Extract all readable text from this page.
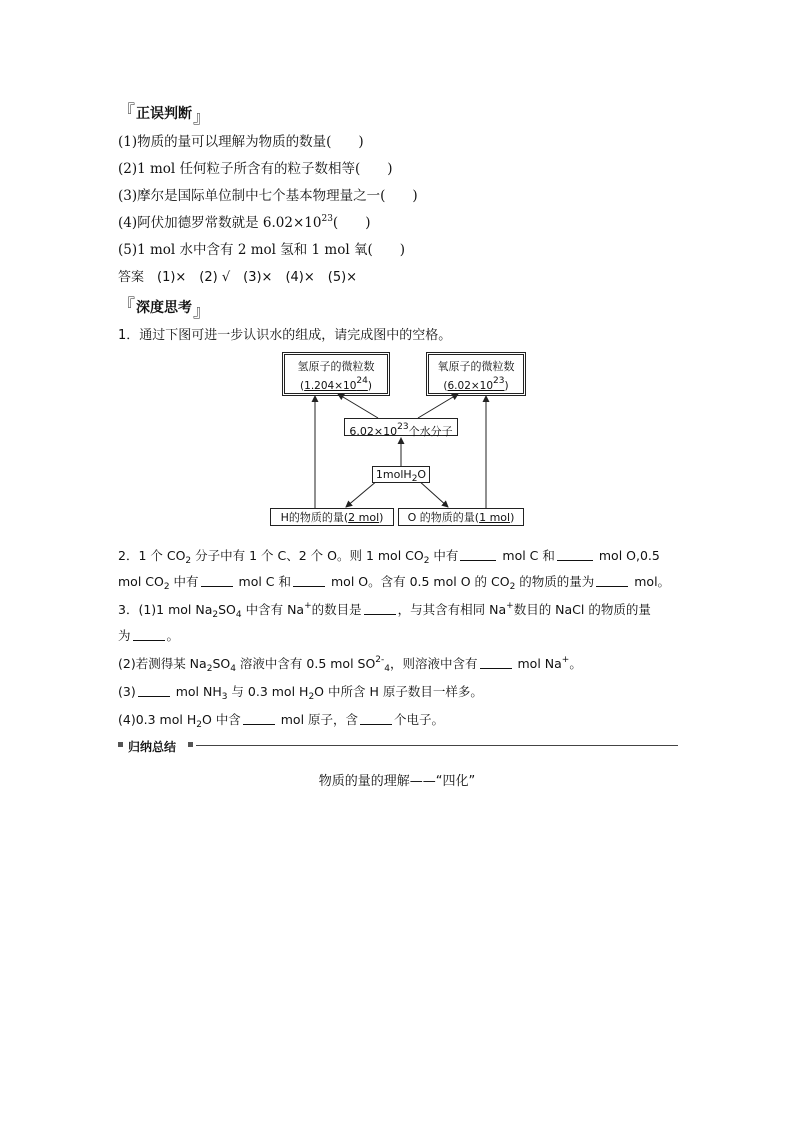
『 正误判断 』
(1)物质的量可以理解为物质的数量(　　)
(2)1 mol 任何粒子所含有的粒子数相等(　　)
(3)摩尔是国际单位制中七个基本物理量之一(　　)
(4)阿伏加德罗常数就是 $6.02\times 10^{23}$(　　)
(5)1 mol 水中含有 2 mol 氢和 1 mol 氧(　　)
答案　(1)×　(2) √　(3)×　(4)×　(5)×
『 深度思考 』
1．通过下图可进一步认识水的组成，请完成图中的空格。
氢原子的微粒数
$(1.204\times 10^{24})$
氧原子的微粒数
$(6.02\times 10^{23})$
$6.02\times 10^{23}$个水分子
1molH$_2$O
H的物质的量(2 mol)	O 的物质的量(1 mol)
2．1 个 $CO_2$ 分子中有 1 个 C、2 个 O。则 1 mol $CO_2$ 中有	mol C 和	mol O,0.5
mol $CO_2$ 中有	mol C 和	mol O。含有 0.5 mol O 的 $CO_2$ 的物质的量为	mol。
3．(1)1 mol $Na_2SO_4$ 中含有 Na+的数目是	，与其含有相同 Na+数目的 NaCl 的物质的量
为	。
(2)若测得某 $Na_2SO_4$ 溶液中含有 0.5 mol $SO^{2-}_4$，则溶液中含有	mol Na+。
(3)	mol $NH_3$ 与 0.3 mol $H_2O$ 中所含 H 原子数目一样多。
(4)0.3 mol $H_2O$ 中含	mol 原子，含	个电子。
归纳总结
物质的量的理解——“四化”
